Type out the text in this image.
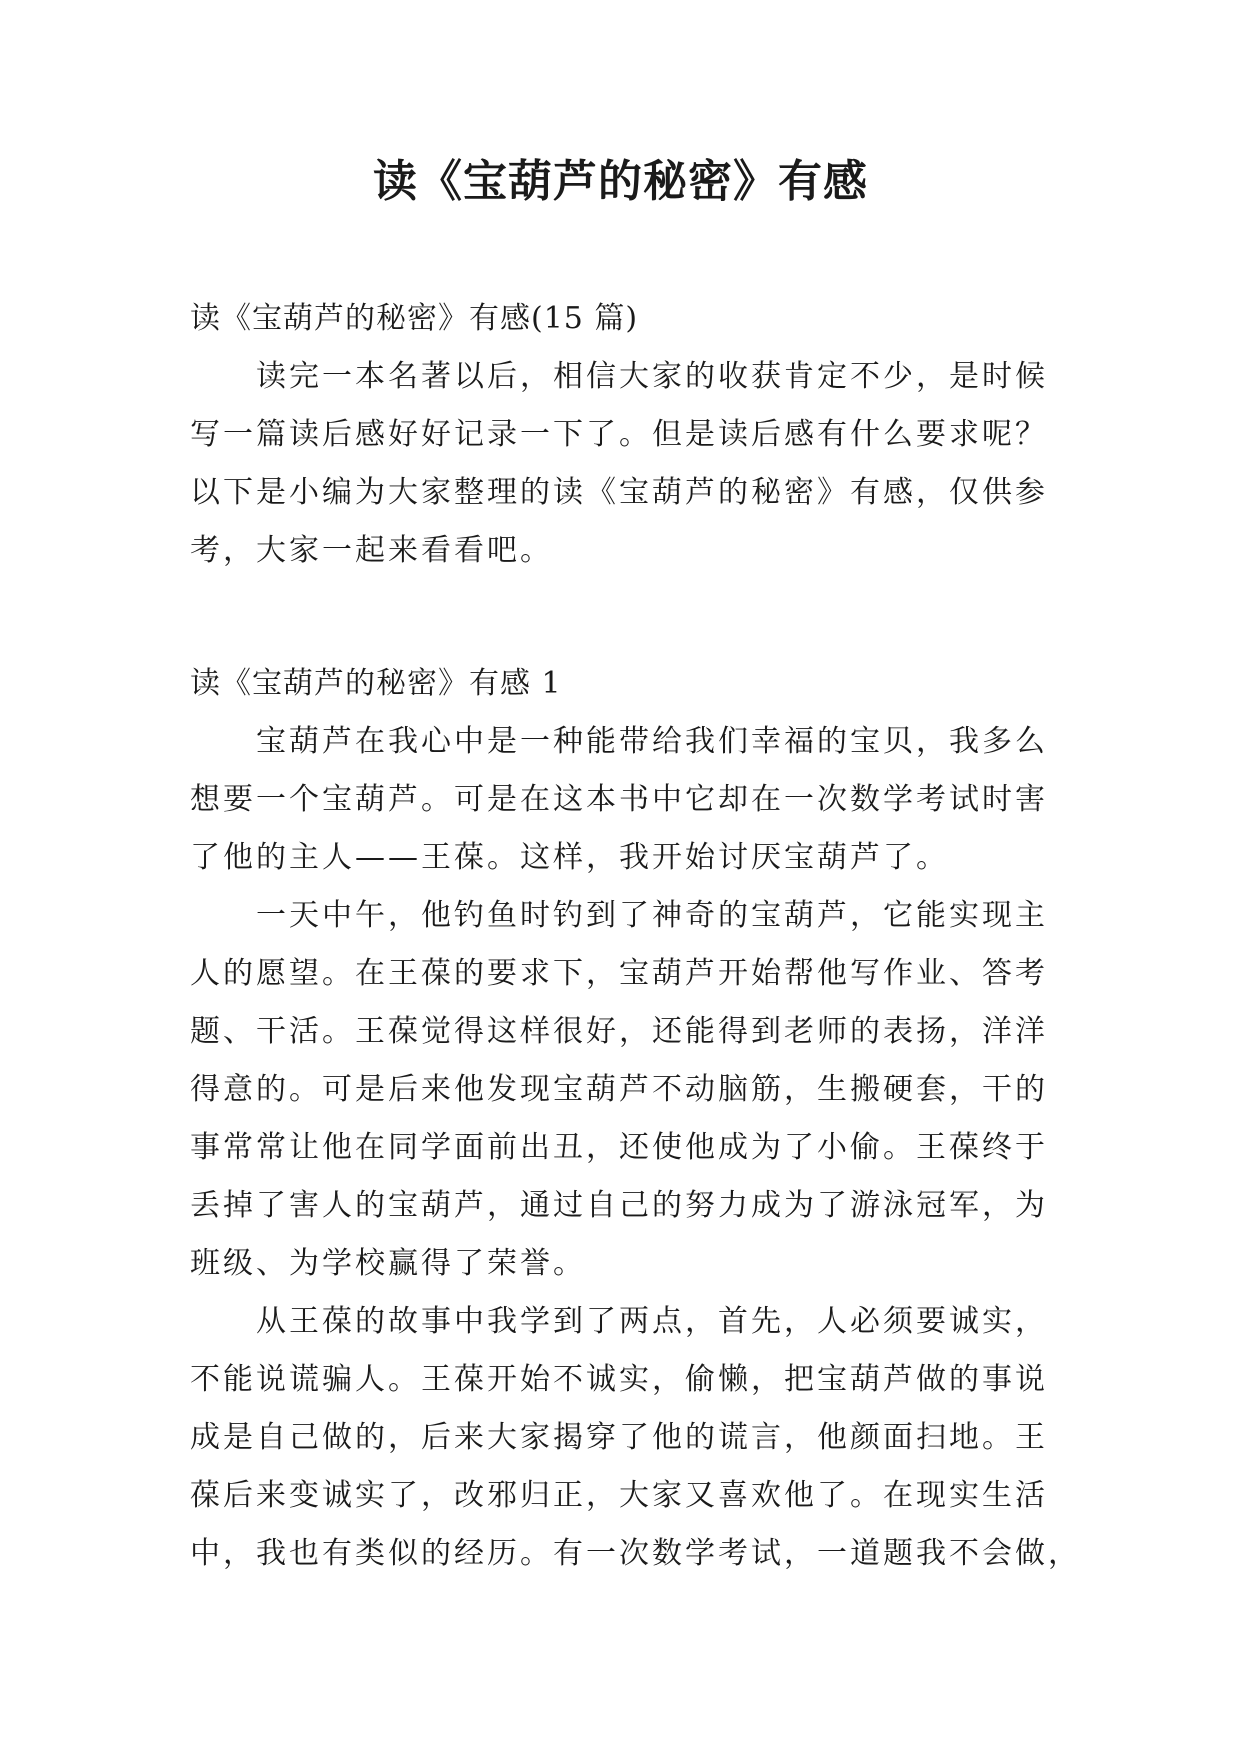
读《宝葫芦的秘密》有感

读《宝葫芦的秘密》有感(15 篇)

读完一本名著以后，相信大家的收获肯定不少，是时候

写一篇读后感好好记录一下了。但是读后感有什么要求呢？

以下是小编为大家整理的读《宝葫芦的秘密》有感，仅供参

考，大家一起来看看吧。

读《宝葫芦的秘密》有感 1

宝葫芦在我心中是一种能带给我们幸福的宝贝，我多么

想要一个宝葫芦。可是在这本书中它却在一次数学考试时害

了他的主人——王葆。这样，我开始讨厌宝葫芦了。

一天中午，他钓鱼时钓到了神奇的宝葫芦，它能实现主

人的愿望。在王葆的要求下，宝葫芦开始帮他写作业、答考

题、干活。王葆觉得这样很好，还能得到老师的表扬，洋洋

得意的。可是后来他发现宝葫芦不动脑筋，生搬硬套，干的

事常常让他在同学面前出丑，还使他成为了小偷。王葆终于

丢掉了害人的宝葫芦，通过自己的努力成为了游泳冠军，为

班级、为学校赢得了荣誉。

从王葆的故事中我学到了两点，首先，人必须要诚实，

不能说谎骗人。王葆开始不诚实，偷懒，把宝葫芦做的事说

成是自己做的，后来大家揭穿了他的谎言，他颜面扫地。王

葆后来变诚实了，改邪归正，大家又喜欢他了。在现实生活

中，我也有类似的经历。有一次数学考试，一道题我不会做，
